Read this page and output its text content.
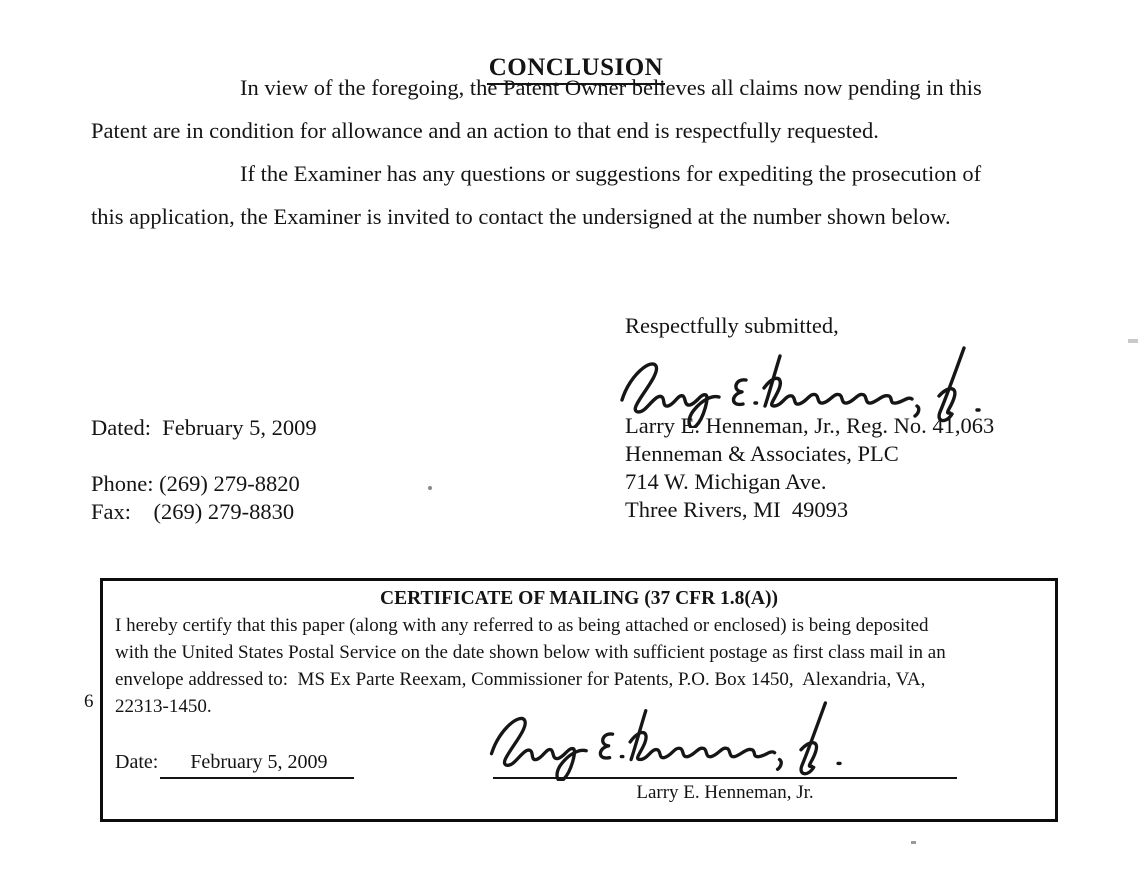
CONCLUSION

In view of the foregoing, the Patent Owner believes all claims now pending in this
Patent are in condition for allowance and an action to that end is respectfully requested.
If the Examiner has any questions or suggestions for expediting the prosecution of
this application, the Examiner is invited to contact the undersigned at the number shown below.
Respectfully submitted,
Larry E. Henneman, Jr., Reg. No. 41,063
Henneman & Associates, PLC
714 W. Michigan Ave.
Three Rivers, MI  49093
Dated:  February 5, 2009
Phone: (269) 279-8820
Fax:    (269) 279-8830
6
CERTIFICATE OF MAILING (37 CFR 1.8(A))
I hereby certify that this paper (along with any referred to as being attached or enclosed) is being deposited
with the United States Postal Service on the date shown below with sufficient postage as first class mail in an
envelope addressed to:  MS Ex Parte Reexam, Commissioner for Patents, P.O. Box 1450,  Alexandria, VA,
22313-1450.
Date: February 5, 2009
Larry E. Henneman, Jr.
